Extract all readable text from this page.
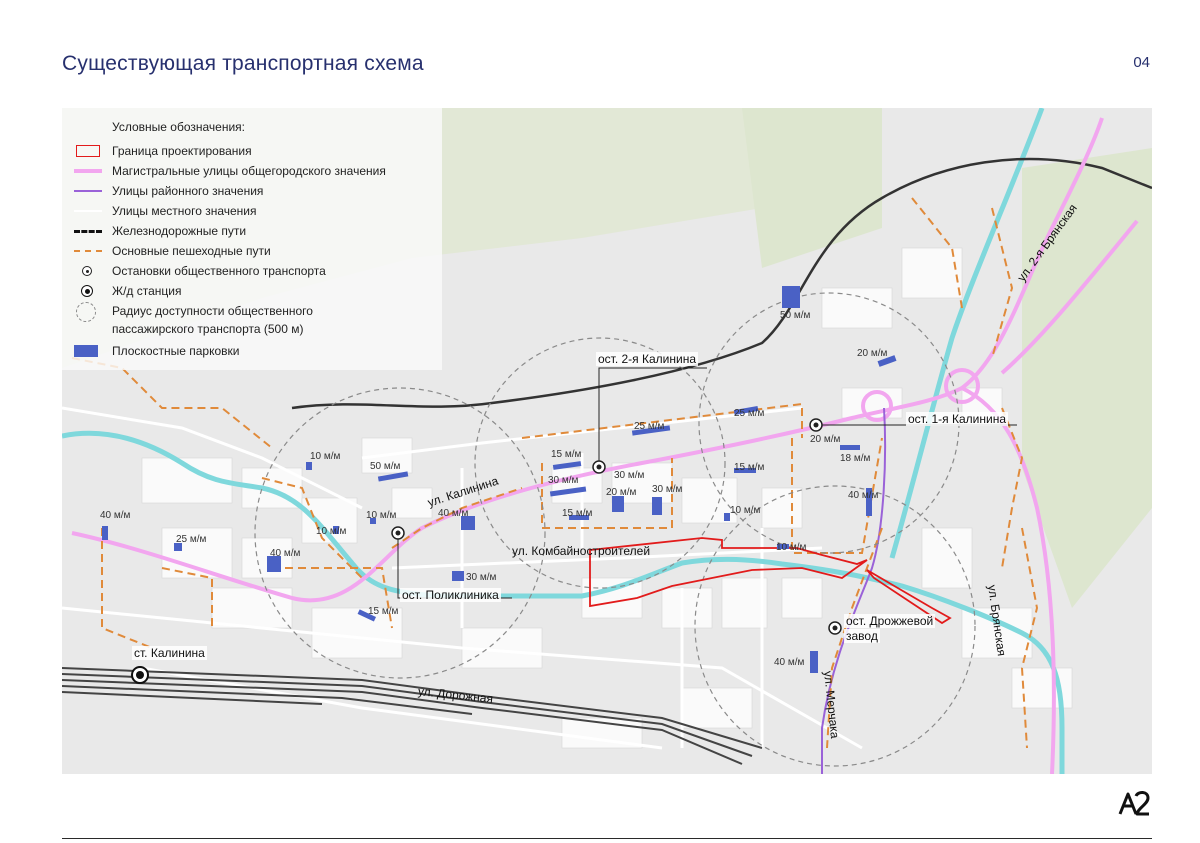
Существующая транспортная схема	04
Условные обозначения:
Граница проектирования
Магистральные улицы общегородского значения
Улицы районного значения
Улицы местного значения
Железнодорожные пути
Основные пешеходные пути
Остановки общественного транспорта
Ж/д станция
Радиус доступности общественного
пассажирского транспорта (500 м)
Плоскостные парковки
ост. 2-я Калинина
ост. 1-я Калинина
ост. Поликлиника
ост. Дрожжевой
завод
ст. Калинина
ул. Калинина
ул. Комбайностроителей
ул. Дорожная
ул. Брянская
ул. 2-я Брянская
ул. Мерчака
50 м/м
20 м/м
25 м/м
25 м/м
20 м/м
18 м/м
15 м/м
15 м/м
30 м/м	30 м/м
20 м/м 30 м/м
40 м/м
15 м/м	10 м/м
10 м/м
50 м/м
10 м/м
10 м/м	40 м/м
30 м/м
40 м/м
25 м/м
40 м/м
15 м/м
10 м/м
40 м/м
